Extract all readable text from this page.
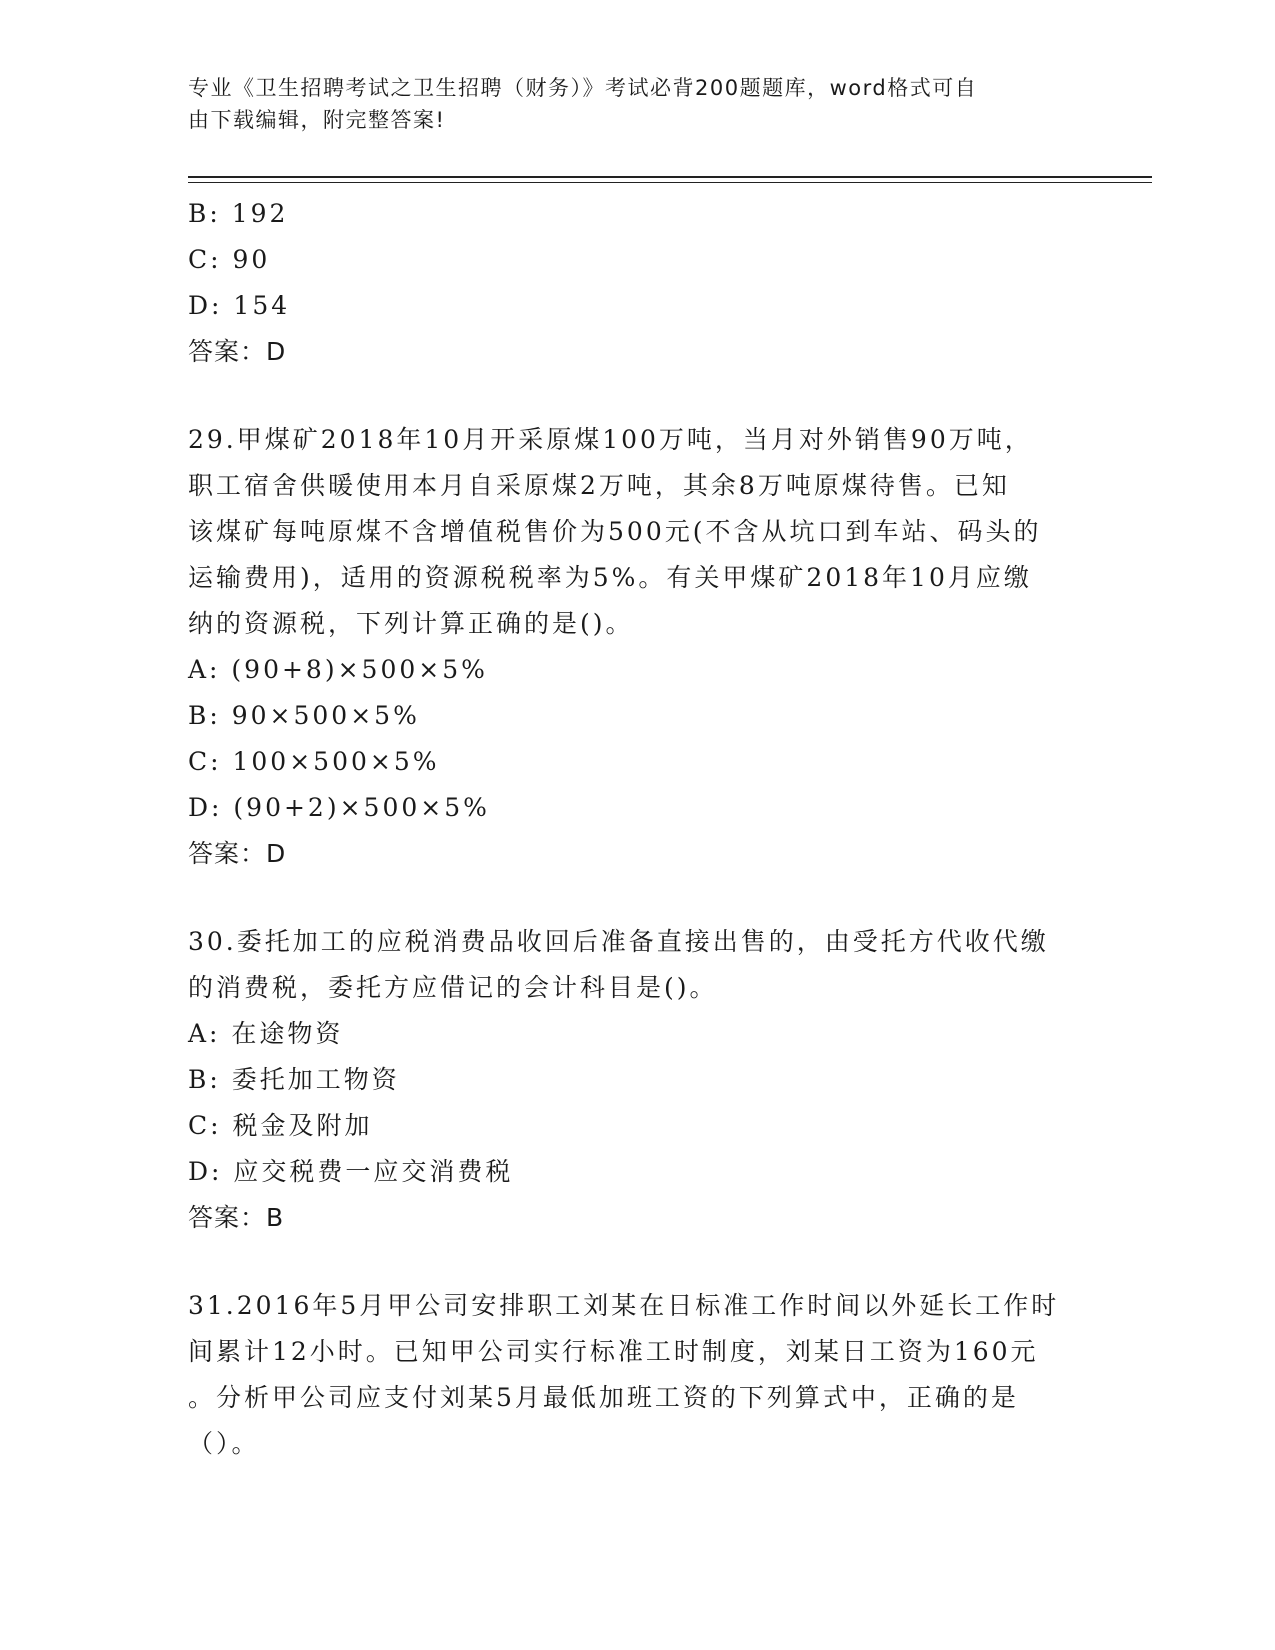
专业《卫生招聘考试之卫生招聘（财务）》考试必背200题题库，word格式可自
由下载编辑，附完整答案!
B: 192
C: 90
D: 154
答案：D
29.甲煤矿2018年10月开采原煤100万吨，当月对外销售90万吨，
职工宿舍供暖使用本月自采原煤2万吨，其余8万吨原煤待售。已知
该煤矿每吨原煤不含增值税售价为500元(不含从坑口到车站、码头的
运输费用)，适用的资源税税率为5%。有关甲煤矿2018年10月应缴
纳的资源税，下列计算正确的是()。
A: (90+8)×500×5%
B: 90×500×5%
C: 100×500×5%
D: (90+2)×500×5%
答案：D
30.委托加工的应税消费品收回后准备直接出售的，由受托方代收代缴
的消费税，委托方应借记的会计科目是()。
A: 在途物资
B: 委托加工物资
C: 税金及附加
D: 应交税费一应交消费税
答案：B
31.2016年5月甲公司安排职工刘某在日标准工作时间以外延长工作时
间累计12小时。已知甲公司实行标准工时制度，刘某日工资为160元
。分析甲公司应支付刘某5月最低加班工资的下列算式中，正确的是
（）。
